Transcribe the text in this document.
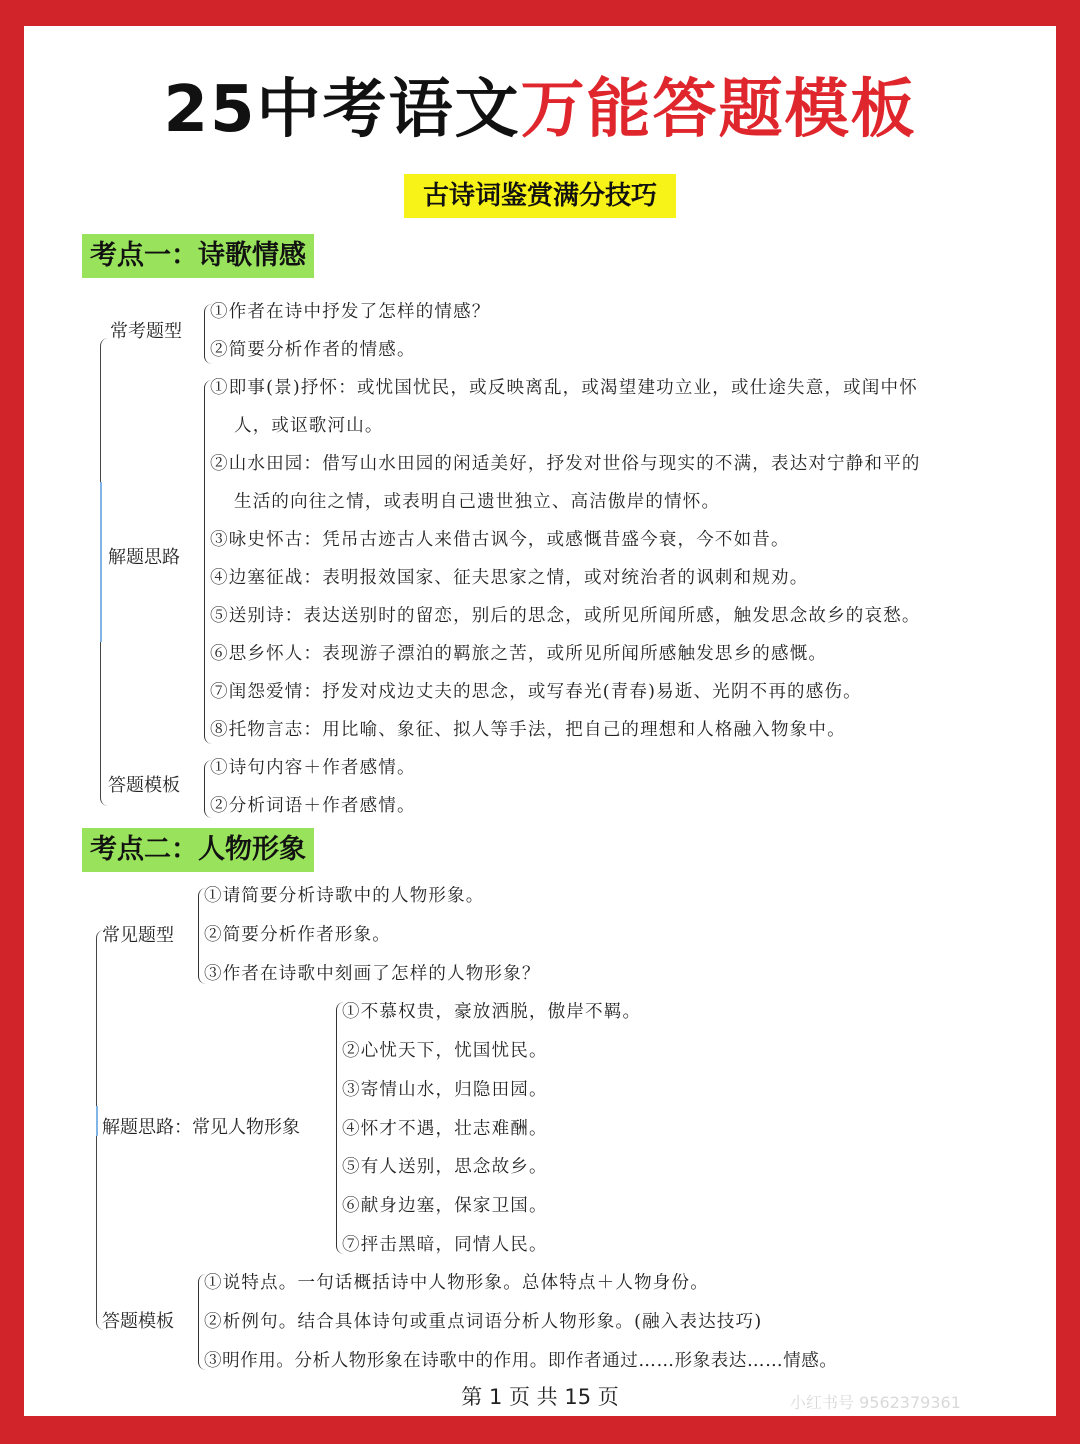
25中考语文万能答题模板
古诗词鉴赏满分技巧
考点一：诗歌情感
常考题型
①作者在诗中抒发了怎样的情感？
②简要分析作者的情感。
解题思路
①即事(景)抒怀：或忧国忧民，或反映离乱，或渴望建功立业，或仕途失意，或闺中怀
人，或讴歌河山。
②山水田园：借写山水田园的闲适美好，抒发对世俗与现实的不满，表达对宁静和平的
生活的向往之情，或表明自己遗世独立、高洁傲岸的情怀。
③咏史怀古：凭吊古迹古人来借古讽今，或感慨昔盛今衰，今不如昔。
④边塞征战：表明报效国家、征夫思家之情，或对统治者的讽刺和规劝。
⑤送别诗：表达送别时的留恋，别后的思念，或所见所闻所感，触发思念故乡的哀愁。
⑥思乡怀人：表现游子漂泊的羁旅之苦，或所见所闻所感触发思乡的感慨。
⑦闺怨爱情：抒发对戍边丈夫的思念，或写春光(青春)易逝、光阴不再的感伤。
⑧托物言志：用比喻、象征、拟人等手法，把自己的理想和人格融入物象中。
答题模板
①诗句内容＋作者感情。
②分析词语＋作者感情。
考点二：人物形象
常见题型
①请简要分析诗歌中的人物形象。
②简要分析作者形象。
③作者在诗歌中刻画了怎样的人物形象？
解题思路：常见人物形象
①不慕权贵，豪放洒脱，傲岸不羁。
②心忧天下，忧国忧民。
③寄情山水，归隐田园。
④怀才不遇，壮志难酬。
⑤有人送别，思念故乡。
⑥献身边塞，保家卫国。
⑦抨击黑暗，同情人民。
答题模板
①说特点。一句话概括诗中人物形象。总体特点＋人物身份。
②析例句。结合具体诗句或重点词语分析人物形象。(融入表达技巧)
③明作用。分析人物形象在诗歌中的作用。即作者通过……形象表达……情感。
第 1 页 共 15 页	小红书号 9562379361
